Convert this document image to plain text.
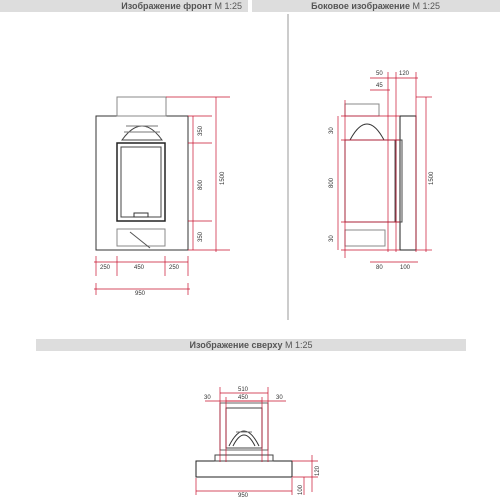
Изображение фронт M 1:25	Боковое изображение M 1:25
Изображение сверху M 1:25
250	450	250
950
350
800
350
1500
50	120
45
30
800
30
1500
80	100
510
450
30	30
950
120
100
